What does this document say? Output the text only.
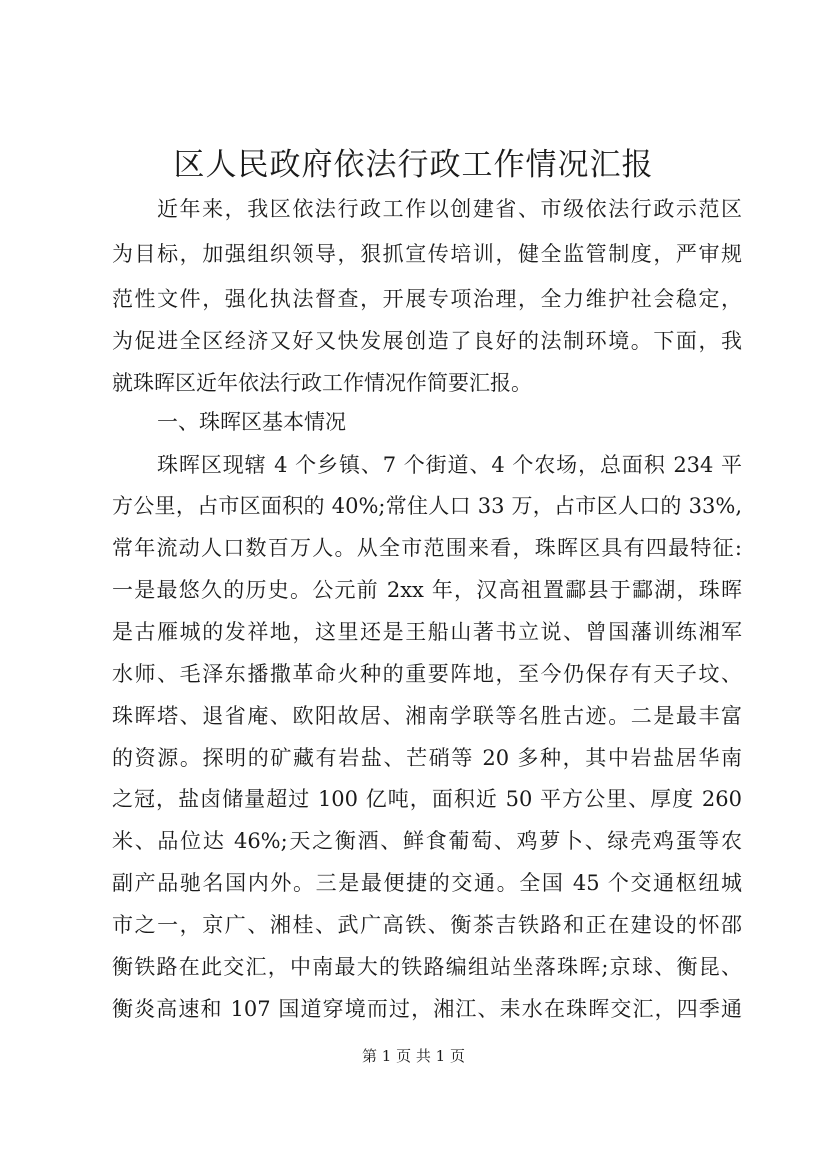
区人民政府依法行政工作情况汇报
近年来，我区依法行政工作以创建省、市级依法行政示范区
为目标，加强组织领导，狠抓宣传培训，健全监管制度，严审规
范性文件，强化执法督查，开展专项治理，全力维护社会稳定，
为促进全区经济又好又快发展创造了良好的法制环境。下面，我
就珠晖区近年依法行政工作情况作简要汇报。
一、珠晖区基本情况
珠晖区现辖 4 个乡镇、7 个街道、4 个农场，总面积 234 平
方公里，占市区面积的 40%;常住人口 33 万，占市区人口的 33%,
常年流动人口数百万人。从全市范围来看，珠晖区具有四最特征:
一是最悠久的历史。公元前 2xx 年，汉高祖置酃县于酃湖，珠晖
是古雁城的发祥地，这里还是王船山著书立说、曾国藩训练湘军
水师、毛泽东播撒革命火种的重要阵地，至今仍保存有天子坟、
珠晖塔、退省庵、欧阳故居、湘南学联等名胜古迹。二是最丰富
的资源。探明的矿藏有岩盐、芒硝等 20 多种，其中岩盐居华南
之冠，盐卤储量超过 100 亿吨，面积近 50 平方公里、厚度 260
米、品位达 46%;天之衡酒、鲜食葡萄、鸡萝卜、绿壳鸡蛋等农
副产品驰名国内外。三是最便捷的交通。全国 45 个交通枢纽城
市之一，京广、湘桂、武广高铁、衡茶吉铁路和正在建设的怀邵
衡铁路在此交汇，中南最大的铁路编组站坐落珠晖;京球、衡昆、
衡炎高速和 107 国道穿境而过，湘江、耒水在珠晖交汇，四季通
第 1 页 共 1 页
